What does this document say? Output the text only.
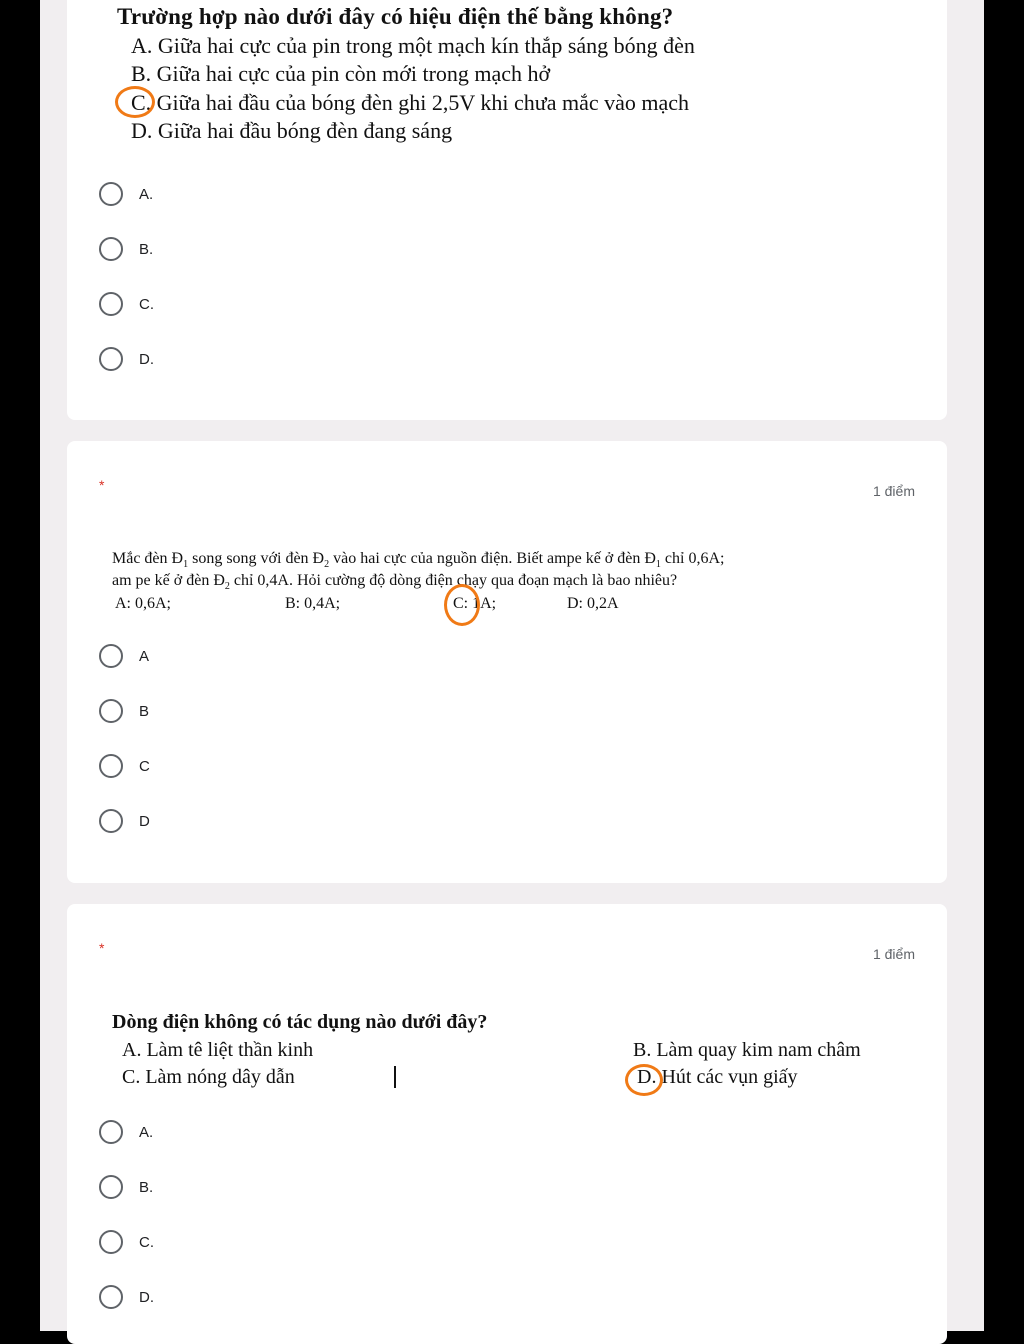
Trường hợp nào dưới đây có hiệu điện thế bằng không?
A. Giữa hai cực của pin trong một mạch kín thắp sáng bóng đèn
B. Giữa hai cực của pin còn mới trong mạch hở
C. Giữa hai đầu của bóng đèn ghi 2,5V khi chưa mắc vào mạch
D. Giữa hai đầu bóng đèn đang sáng
A.
B.
C.
D.
*	1 điểm
Mắc đèn $Đ_1$ song song với đèn $Đ_2$ vào hai cực của nguồn điện. Biết ampe kế ở đèn $Đ_1$ chỉ 0,6A;
am pe kế ở đèn $Đ_2$ chỉ 0,4A. Hỏi cường độ dòng điện chạy qua đoạn mạch là bao nhiêu?
A: 0,6A;	B: 0,4A;	C: 1A;	D: 0,2A
A
B
C
D
*	1 điểm
Dòng điện không có tác dụng nào dưới đây?
A. Làm tê liệt thần kinh	B. Làm quay kim nam châm
C. Làm nóng dây dẫn	D. Hút các vụn giấy
A.
B.
C.
D.
